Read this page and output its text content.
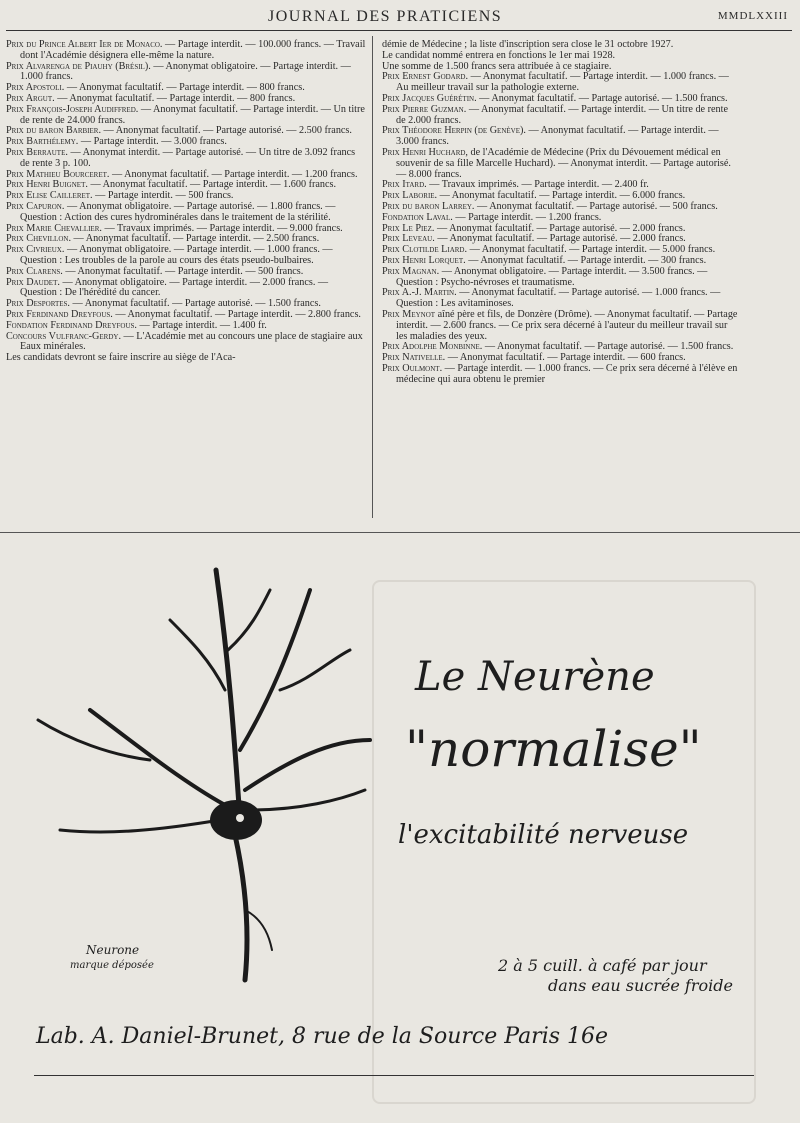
JOURNAL DES PRATICIENS	MMDLXXIII

Prix du Prince Albert Ier de Monaco. — Partage interdit. — 100.000 francs. — Travail dont l'Académie désignera elle-même la nature.

Prix Alvarenga de Piauhy (Brésil). — Anonymat obligatoire. — Partage interdit. — 1.000 francs.

Prix Apostoli. — Anonymat facultatif. — Partage interdit. — 800 francs.

Prix Argut. — Anonymat facultatif. — Partage interdit. — 800 francs.

Prix François-Joseph Audiffred. — Anonymat facultatif. — Partage interdit. — Un titre de rente de 24.000 francs.

Prix du baron Barbier. — Anonymat facultatif. — Partage autorisé. — 2.500 francs.

Prix Barthélemy. — Partage interdit. — 3.000 francs.

Prix Berraute. — Anonymat interdit. — Partage autorisé. — Un titre de 3.092 francs de rente 3 p. 100.

Prix Mathieu Bourceret. — Anonymat facultatif. — Partage interdit. — 1.200 francs.

Prix Henri Buignet. — Anonymat facultatif. — Partage interdit. — 1.600 francs.

Prix Elise Cailleret. — Partage interdit. — 500 francs.

Prix Capuron. — Anonymat obligatoire. — Partage autorisé. — 1.800 francs. — Question : Action des cures hydrominérales dans le traitement de la stérilité.

Prix Marie Chevallier. — Travaux imprimés. — Partage interdit. — 9.000 francs.

Prix Chevillon. — Anonymat facultatif. — Partage interdit. — 2.500 francs.

Prix Civrieux. — Anonymat obligatoire. — Partage interdit. — 1.000 francs. — Question : Les troubles de la parole au cours des états pseudo-bulbaires.

Prix Clarens. — Anonymat facultatif. — Partage interdit. — 500 francs.

Prix Daudet. — Anonymat obligatoire. — Partage interdit. — 2.000 francs. — Question : De l'hérédité du cancer.

Prix Desportes. — Anonymat facultatif. — Partage autorisé. — 1.500 francs.

Prix Ferdinand Dreyfous. — Anonymat facultatif. — Partage interdit. — 2.800 francs.

Fondation Ferdinand Dreyfous. — Partage interdit. — 1.400 fr.

Concours Vulfranc-Gerdy. — L'Académie met au concours une place de stagiaire aux Eaux minérales.

Les candidats devront se faire inscrire au siège de l'Aca-

démie de Médecine ; la liste d'inscription sera close le 31 octobre 1927.

Le candidat nommé entrera en fonctions le 1er mai 1928.

Une somme de 1.500 francs sera attribuée à ce stagiaire.

Prix Ernest Godard. — Anonymat facultatif. — Partage interdit. — 1.000 francs. — Au meilleur travail sur la pathologie externe.

Prix Jacques Guérétin. — Anonymat facultatif. — Partage autorisé. — 1.500 francs.

Prix Pierre Guzman. — Anonymat facultatif. — Partage interdit. — Un titre de rente de 2.000 francs.

Prix Théodore Herpin (de Genève). — Anonymat facultatif. — Partage interdit. — 3.000 francs.

Prix Henri Huchard, de l'Académie de Médecine (Prix du Dévouement médical en souvenir de sa fille Marcelle Huchard). — Anonymat interdit. — Partage autorisé. — 8.000 francs.

Prix Itard. — Travaux imprimés. — Partage interdit. — 2.400 fr.

Prix Laborie. — Anonymat facultatif. — Partage interdit. — 6.000 francs.

Prix du baron Larrey. — Anonymat facultatif. — Partage autorisé. — 500 francs.

Fondation Laval. — Partage interdit. — 1.200 francs.

Prix Le Piez. — Anonymat facultatif. — Partage autorisé. — 2.000 francs.

Prix Leveau. — Anonymat facultatif. — Partage autorisé. — 2.000 francs.

Prix Clotilde Liard. — Anonymat facultatif. — Partage interdit. — 5.000 francs.

Prix Henri Lorquet. — Anonymat facultatif. — Partage interdit. — 300 francs.

Prix Magnan. — Anonymat obligatoire. — Partage interdit. — 3.500 francs. — Question : Psycho-névroses et traumatisme.

Prix A.-J. Martin. — Anonymat facultatif. — Partage autorisé. — 1.000 francs. — Question : Les avitaminoses.

Prix Meynot aîné père et fils, de Donzère (Drôme). — Anonymat facultatif. — Partage interdit. — 2.600 francs. — Ce prix sera décerné à l'auteur du meilleur travail sur les maladies des yeux.

Prix Adolphe Monbinne. — Anonymat facultatif. — Partage autorisé. — 1.500 francs.

Prix Nativelle. — Anonymat facultatif. — Partage interdit. — 600 francs.

Prix Oulmont. — Partage interdit. — 1.000 francs. — Ce prix sera décerné à l'élève en médecine qui aura obtenu le premier

Le Neurène
"normalise"
l'excitabilité nerveuse
2 à 5 cuill. à café par jour
dans eau sucrée froide
Neurone
marque déposée
Lab. A. Daniel-Brunet, 8 rue de la Source Paris 16e
